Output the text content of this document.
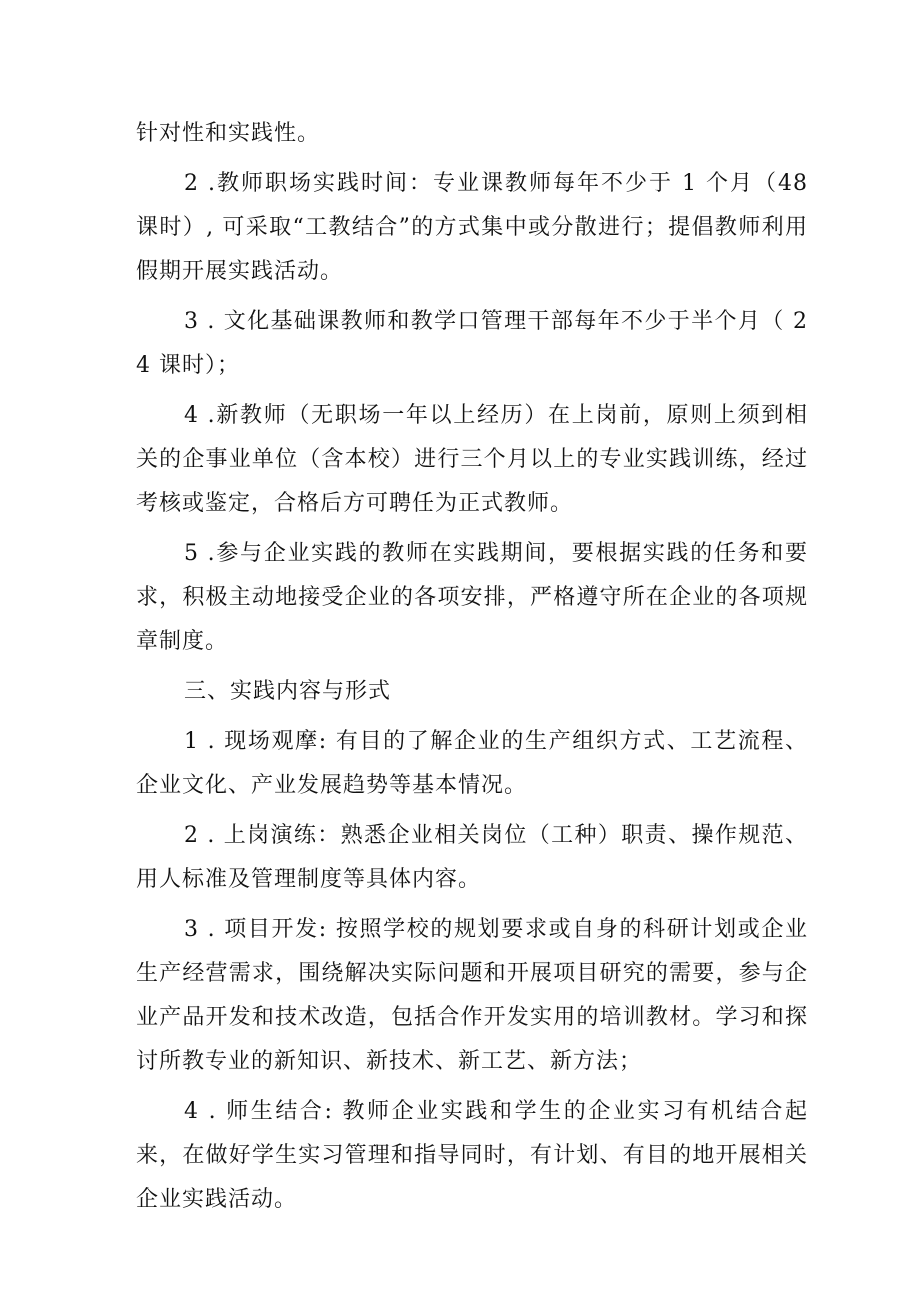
针对性和实践性。

2 .教师职场实践时间：专业课教师每年不少于 1 个月（48 课时）, 可采取“工教结合”的方式集中或分散进行；提倡教师利用假期开展实践活动。

3 . 文化基础课教师和教学口管理干部每年不少于半个月（ 24 课时）；

4 .新教师（无职场一年以上经历）在上岗前，原则上须到相关的企事业单位（含本校）进行三个月以上的专业实践训练，经过考核或鉴定，合格后方可聘任为正式教师。

5 .参与企业实践的教师在实践期间，要根据实践的任务和要求，积极主动地接受企业的各项安排，严格遵守所在企业的各项规章制度。

三、实践内容与形式

1 . 现场观摩: 有目的了解企业的生产组织方式、工艺流程、企业文化、产业发展趋势等基本情况。

2 . 上岗演练：熟悉企业相关岗位（工种）职责、操作规范、用人标准及管理制度等具体内容。

3 . 项目开发: 按照学校的规划要求或自身的科研计划或企业生产经营需求，围绕解决实际问题和开展项目研究的需要，参与企业产品开发和技术改造，包括合作开发实用的培训教材。学习和探讨所教专业的新知识、新技术、新工艺、新方法；

4 . 师生结合: 教师企业实践和学生的企业实习有机结合起来，在做好学生实习管理和指导同时，有计划、有目的地开展相关企业实践活动。
